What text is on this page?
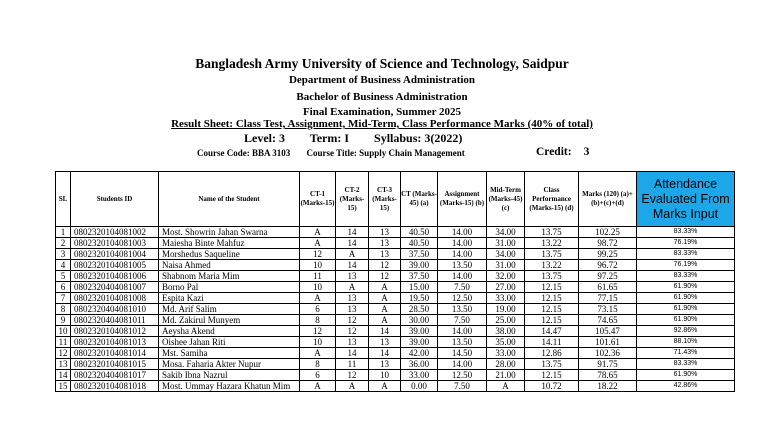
Bangladesh Army University of Science and Technology, Saidpur
Department of Business Administration
Bachelor of Business Administration
Final Examination, Summer 2025
Result Sheet: Class Test, Assignment, Mid-Term, Class Performance Marks (40% of total)
Level: 3 Term: I Syllabus: 3(2022)
Course Code: BBA 3103 Course Title: Supply Chain Management	Credit: 3
SL	Students ID	Name of the Student	CT-1 (Marks-15)	CT-2 (Marks-15)	CT-3 (Marks-15)	CT (Marks-45) (a)	Assignment (Marks-15) (b)	Mid-Term (Marks-45) (c)	Class Performance (Marks-15) (d)	Marks (120) (a)+(b)+(c)+(d)	Attendance Evaluated From Marks Input
1	0802320104081002	Most. Showrin Jahan Swarna	A	14	13	40.50	14.00	34.00	13.75	102.25	83.33%
2	0802320104081003	Maiesha Binte Mahfuz	A	14	13	40.50	14.00	31.00	13.22	98.72	76.19%
3	0802320104081004	Morshedus Saqueline	12	A	13	37.50	14.00	34.00	13.75	99.25	83.33%
4	0802320104081005	Naisa Ahmed	10	14	12	39.00	13.50	31.00	13.22	96.72	76.19%
5	0802320104081006	Shabnom Maria Mim	11	13	12	37.50	14.00	32.00	13.75	97.25	83.33%
6	0802320404081007	Borno Pal	10	A	A	15.00	7.50	27.00	12.15	61.65	61.90%
7	0802320104081008	Espita Kazi	A	13	A	19.50	12.50	33.00	12.15	77.15	61.90%
8	0802320404081010	Md. Arif Salim	6	13	A	28.50	13.50	19.00	12.15	73.15	61.90%
9	0802320404081011	Md. Zakirul Munyem	8	12	A	30.00	7.50	25.00	12.15	74.65	61.90%
10	0802320104081012	Aeysha Akend	12	12	14	39.00	14.00	38.00	14.47	105.47	92.86%
11	0802320104081013	Oishee Jahan Riti	10	13	13	39.00	13.50	35.00	14.11	101.61	88.10%
12	0802320104081014	Mst. Samiha	A	14	14	42.00	14.50	33.00	12.86	102.36	71.43%
13	0802320104081015	Mosa. Faharia Akter Nupur	8	11	13	36.00	14.00	28.00	13.75	91.75	83.33%
14	0802320404081017	Sakib Ibna Nazrul	6	12	10	33.00	12.50	21.00	12.15	78.65	61.90%
15	0802320104081018	Most. Ummay Hazara Khatun Mim	A	A	A	0.00	7.50	A	10.72	18.22	42.86%
